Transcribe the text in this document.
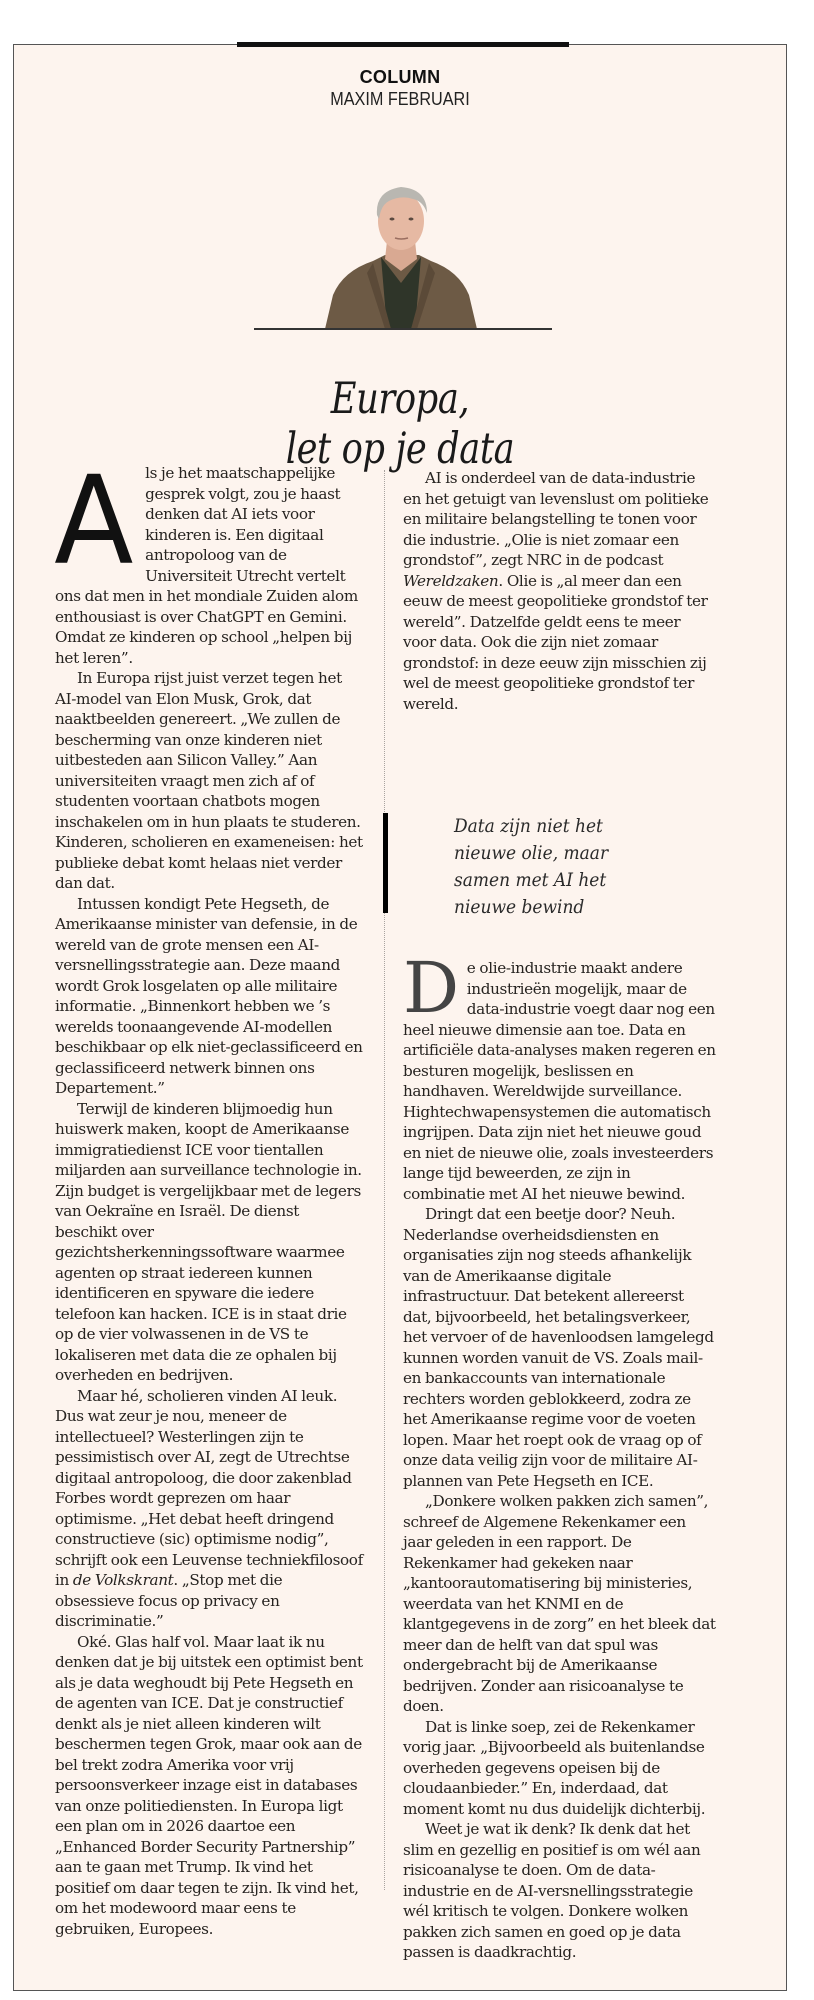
COLUMN
MAXIM FEBRUARI
Europa,
let op je data

Als je het maatschappelijke gesprek volgt, zou je haast denken dat AI iets voor kinderen is. Een digitaal antropoloog van de Universiteit Utrecht vertelt ons dat men in het mondiale Zuiden alom enthousiast is over ChatGPT en Gemini. Omdat ze kinderen op school „helpen bij het leren”.

In Europa rijst juist verzet tegen het AI-model van Elon Musk, Grok, dat naaktbeelden genereert. „We zullen de bescherming van onze kinderen niet uitbesteden aan Silicon Valley.” Aan universiteiten vraagt men zich af of studenten voortaan chatbots mogen inschakelen om in hun plaats te studeren. Kinderen, scholieren en exameneisen: het publieke debat komt helaas niet verder dan dat.

Intussen kondigt Pete Hegseth, de Amerikaanse minister van defensie, in de wereld van de grote mensen een AI-versnellingsstrategie aan. Deze maand wordt Grok losgelaten op alle militaire informatie. „Binnenkort hebben we ’s werelds toonaangevende AI-modellen beschikbaar op elk niet-geclassificeerd en geclassificeerd netwerk binnen ons Departement.”

Terwijl de kinderen blijmoedig hun huiswerk maken, koopt de Amerikaanse immigratiedienst ICE voor tientallen miljarden aan surveillance technologie in. Zijn budget is vergelijkbaar met de legers van Oekraïne en Israël. De dienst beschikt over gezichtsherkenningssoftware waarmee agenten op straat iedereen kunnen identificeren en spyware die iedere telefoon kan hacken. ICE is in staat drie op de vier volwassenen in de VS te lokaliseren met data die ze ophalen bij overheden en bedrijven.

Maar hé, scholieren vinden AI leuk. Dus wat zeur je nou, meneer de intellectueel? Westerlingen zijn te pessimistisch over AI, zegt de Utrechtse digitaal antropoloog, die door zakenblad Forbes wordt geprezen om haar optimisme. „Het debat heeft dringend constructieve (sic) optimisme nodig”, schrijft ook een Leuvense techniekfilosoof in de Volkskrant. „Stop met die obsessieve focus op privacy en discriminatie.”

Oké. Glas half vol. Maar laat ik nu denken dat je bij uitstek een optimist bent als je data weghoudt bij Pete Hegseth en de agenten van ICE. Dat je constructief denkt als je niet alleen kinderen wilt beschermen tegen Grok, maar ook aan de bel trekt zodra Amerika voor vrij persoonsverkeer inzage eist in databases van onze politiediensten. In Europa ligt een plan om in 2026 daartoe een „Enhanced Border Security Partnership” aan te gaan met Trump. Ik vind het positief om daar tegen te zijn. Ik vind het, om het modewoord maar eens te gebruiken, Europees.

AI is onderdeel van de data-industrie en het getuigt van levenslust om politieke en militaire belangstelling te tonen voor die industrie. „Olie is niet zomaar een grondstof”, zegt NRC in de podcast Wereldzaken. Olie is „al meer dan een eeuw de meest geopolitieke grondstof ter wereld”. Datzelfde geldt eens te meer voor data. Ook die zijn niet zomaar grondstof: in deze eeuw zijn misschien zij wel de meest geopolitieke grondstof ter wereld.

Data zijn niet het nieuwe olie, maar samen met AI het nieuwe bewind

De olie-industrie maakt andere industrieën mogelijk, maar de data-industrie voegt daar nog een heel nieuwe dimensie aan toe. Data en artificiële data-analyses maken regeren en besturen mogelijk, beslissen en handhaven. Wereldwijde surveillance. Hightechwapensystemen die automatisch ingrijpen. Data zijn niet het nieuwe goud en niet de nieuwe olie, zoals investeerders lange tijd beweerden, ze zijn in combinatie met AI het nieuwe bewind.

Dringt dat een beetje door? Neuh. Nederlandse overheidsdiensten en organisaties zijn nog steeds afhankelijk van de Amerikaanse digitale infrastructuur. Dat betekent allereerst dat, bijvoorbeeld, het betalingsverkeer, het vervoer of de havenloodsen lamgelegd kunnen worden vanuit de VS. Zoals mail- en bankaccounts van internationale rechters worden geblokkeerd, zodra ze het Amerikaanse regime voor de voeten lopen. Maar het roept ook de vraag op of onze data veilig zijn voor de militaire AI-plannen van Pete Hegseth en ICE.

„Donkere wolken pakken zich samen”, schreef de Algemene Rekenkamer een jaar geleden in een rapport. De Rekenkamer had gekeken naar „kantoorautomatisering bij ministeries, weerdata van het KNMI en de klantgegevens in de zorg” en het bleek dat meer dan de helft van dat spul was ondergebracht bij de Amerikaanse bedrijven. Zonder aan risicoanalyse te doen.

Dat is linke soep, zei de Rekenkamer vorig jaar. „Bijvoorbeeld als buitenlandse overheden gegevens opeisen bij de cloudaanbieder.” En, inderdaad, dat moment komt nu dus duidelijk dichterbij.

Weet je wat ik denk? Ik denk dat het slim en gezellig en positief is om wél aan risicoanalyse te doen. Om de data-industrie en de AI-versnellingsstrategie wél kritisch te volgen. Donkere wolken pakken zich samen en goed op je data passen is daadkrachtig.
